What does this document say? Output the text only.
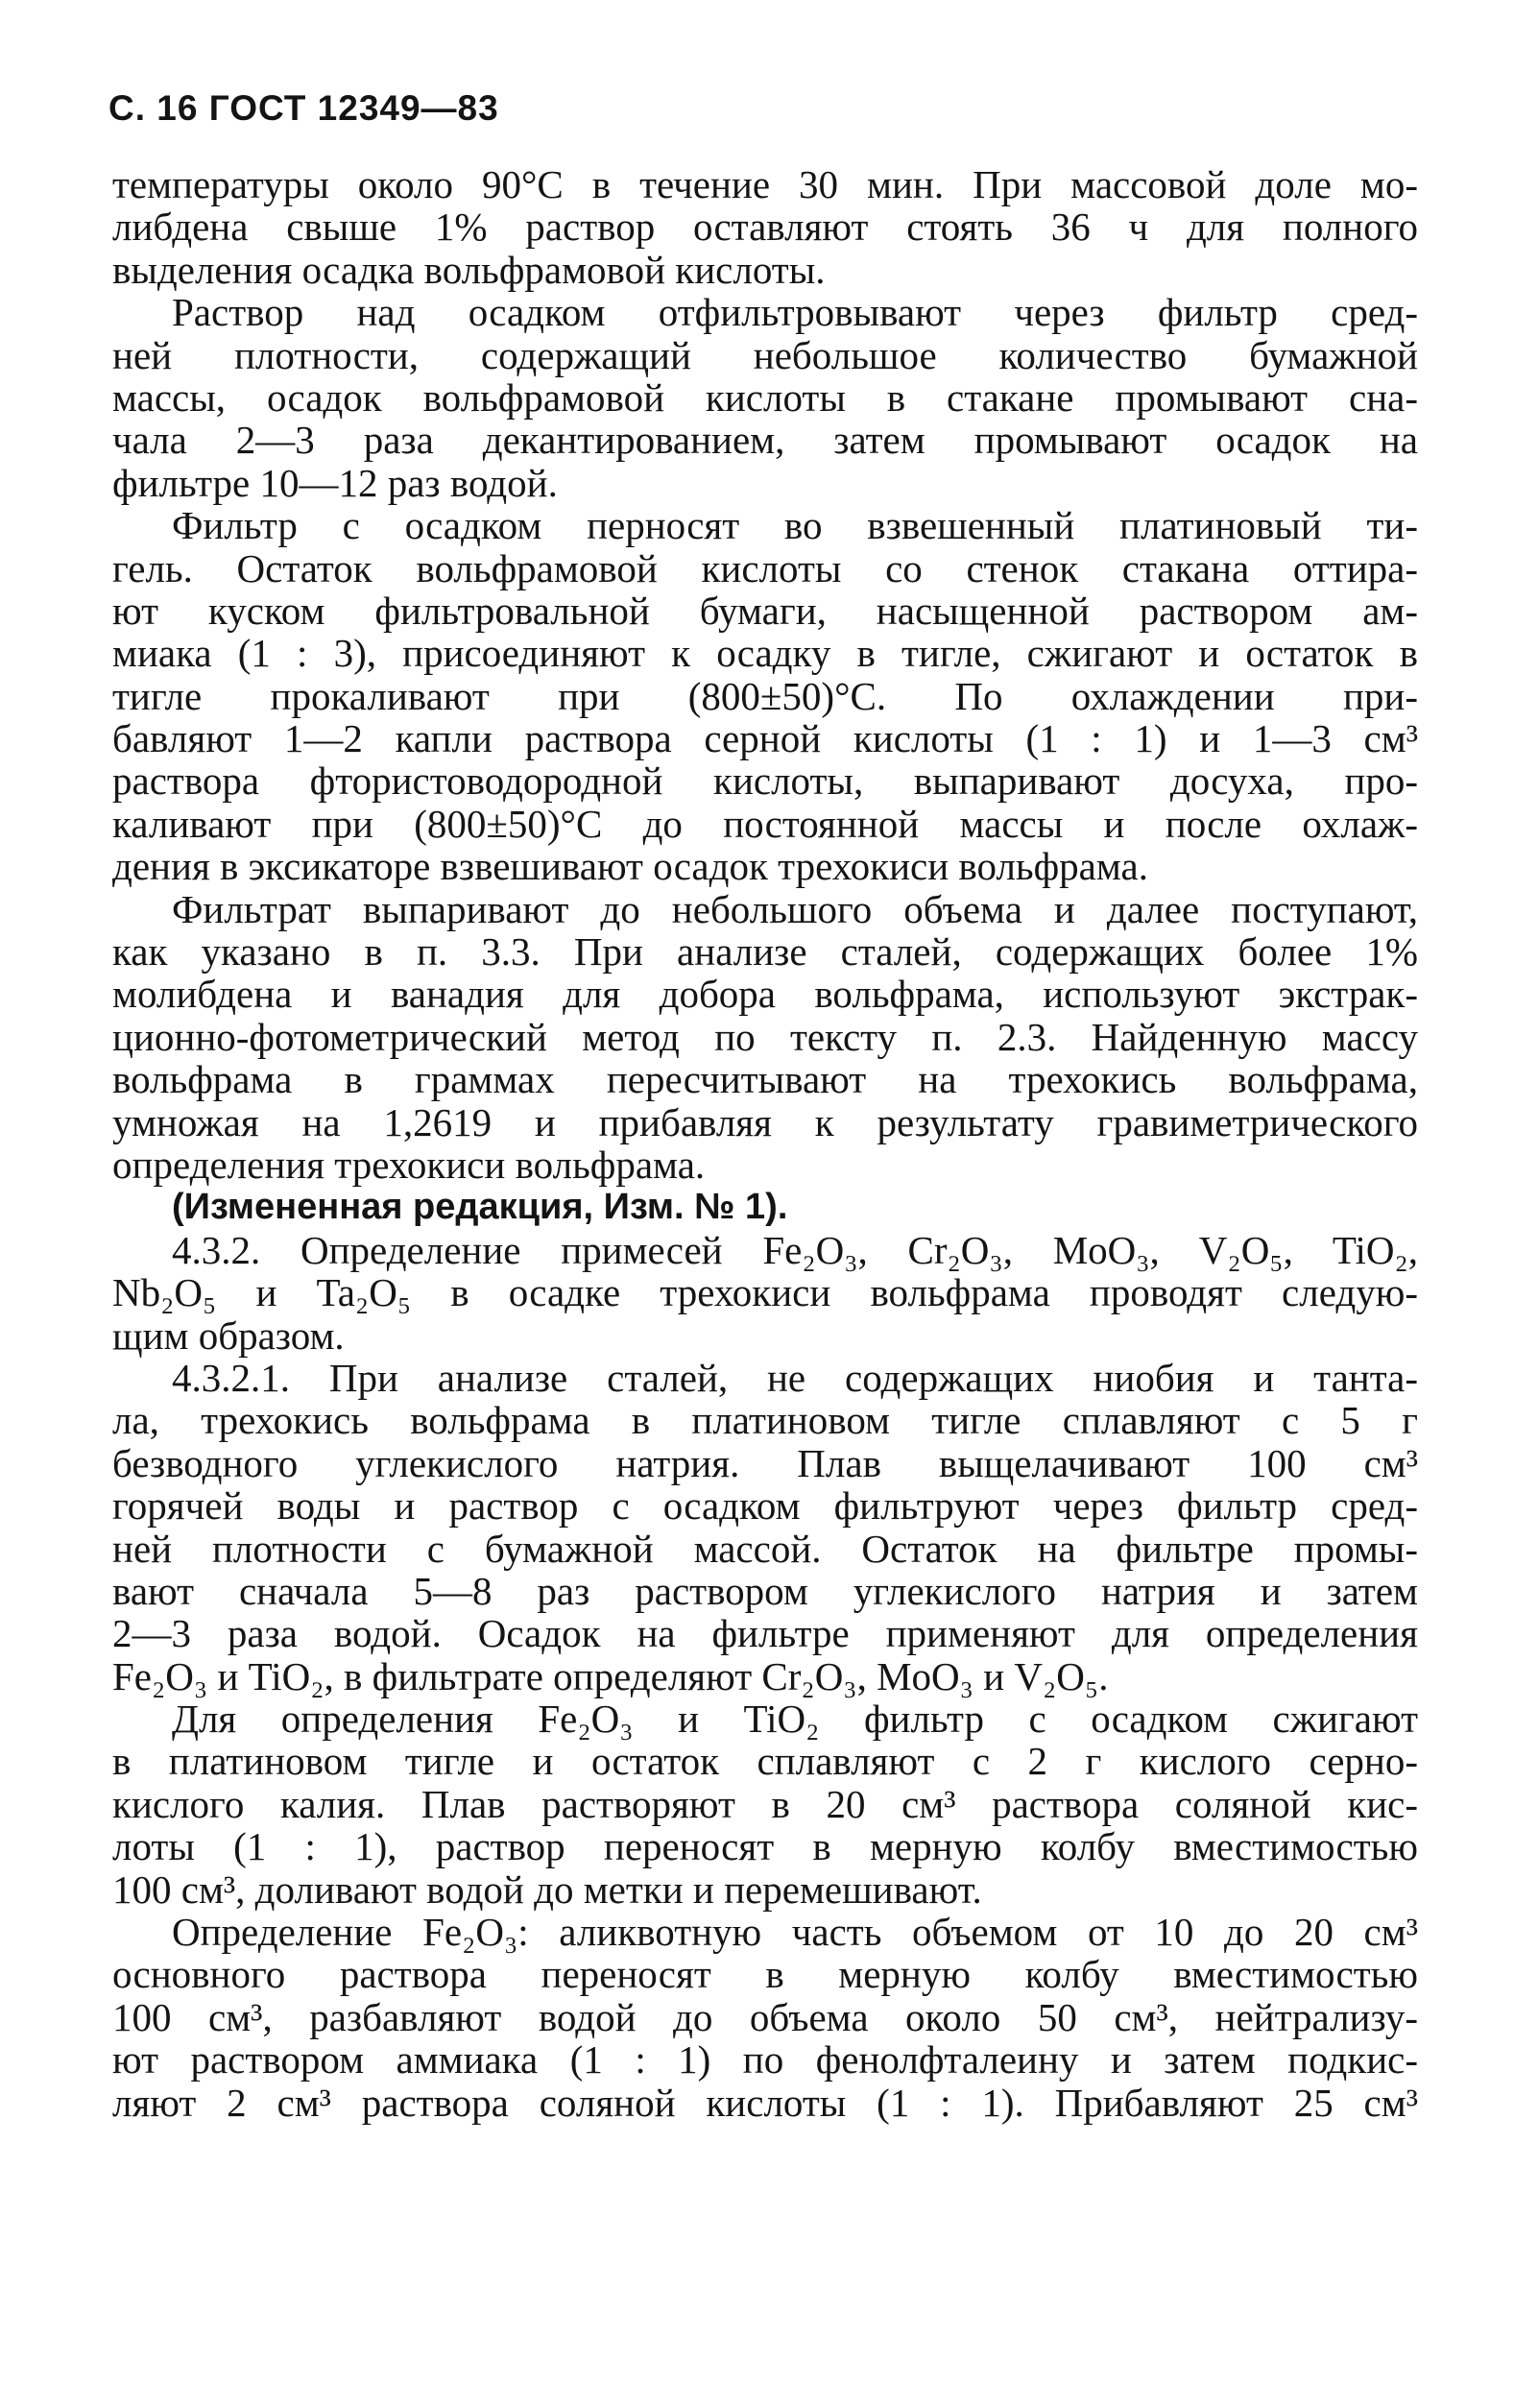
С. 16 ГОСТ 12349—83
температуры около 90°С в течение 30 мин. При массовой доле мо-
либдена свыше 1% раствор оставляют стоять 36 ч для полного
выделения осадка вольфрамовой кислоты.
Раствор над осадком отфильтровывают через фильтр сред-
ней плотности, содержащий небольшое количество бумажной
массы, осадок вольфрамовой кислоты в стакане промывают сна-
чала 2—3 раза декантированием, затем промывают осадок на
фильтре 10—12 раз водой.
Фильтр с осадком перносят во взвешенный платиновый ти-
гель. Остаток вольфрамовой кислоты со стенок стакана оттира-
ют куском фильтровальной бумаги, насыщенной раствором ам-
миака (1 : 3), присоединяют к осадку в тигле, сжигают и остаток в
тигле прокаливают при (800±50)°С. По охлаждении при-
бавляют 1—2 капли раствора серной кислоты (1 : 1) и 1—3 см³
раствора фтористоводородной кислоты, выпаривают досуха, про-
каливают при (800±50)°С до постоянной массы и после охлаж-
дения в эксикаторе взвешивают осадок трехокиси вольфрама.
Фильтрат выпаривают до небольшого объема и далее поступают,
как указано в п. 3.3. При анализе сталей, содержащих более 1%
молибдена и ванадия для добора вольфрама, используют экстрак-
ционно-фотометрический метод по тексту п. 2.3. Найденную массу
вольфрама в граммах пересчитывают на трехокись вольфрама,
умножая на 1,2619 и прибавляя к результату гравиметрического
определения трехокиси вольфрама.
(Измененная редакция, Изм. № 1).
4.3.2. Определение примесей Fe₂O₃, Cr₂O₃, MoO₃, V₂O₅, TiO₂,
Nb₂O₅ и Ta₂O₅ в осадке трехокиси вольфрама проводят следую-
щим образом.
4.3.2.1. При анализе сталей, не содержащих ниобия и танта-
ла, трехокись вольфрама в платиновом тигле сплавляют с 5 г
безводного углекислого натрия. Плав выщелачивают 100 см³
горячей воды и раствор с осадком фильтруют через фильтр сред-
ней плотности с бумажной массой. Остаток на фильтре промы-
вают сначала 5—8 раз раствором углекислого натрия и затем
2—3 раза водой. Осадок на фильтре применяют для определения
Fe₂O₃ и TiO₂, в фильтрате определяют Cr₂O₃, MoO₃ и V₂O₅.
Для определения Fe₂O₃ и TiO₂ фильтр с осадком сжигают
в платиновом тигле и остаток сплавляют с 2 г кислого серно-
кислого калия. Плав растворяют в 20 см³ раствора соляной кис-
лоты (1 : 1), раствор переносят в мерную колбу вместимостью
100 см³, доливают водой до метки и перемешивают.
Определение Fe₂O₃: аликвотную часть объемом от 10 до 20 см³
основного раствора переносят в мерную колбу вместимостью
100 см³, разбавляют водой до объема около 50 см³, нейтрализу-
ют раствором аммиака (1 : 1) по фенолфталеину и затем подкис-
ляют 2 см³ раствора соляной кислоты (1 : 1). Прибавляют 25 см³
